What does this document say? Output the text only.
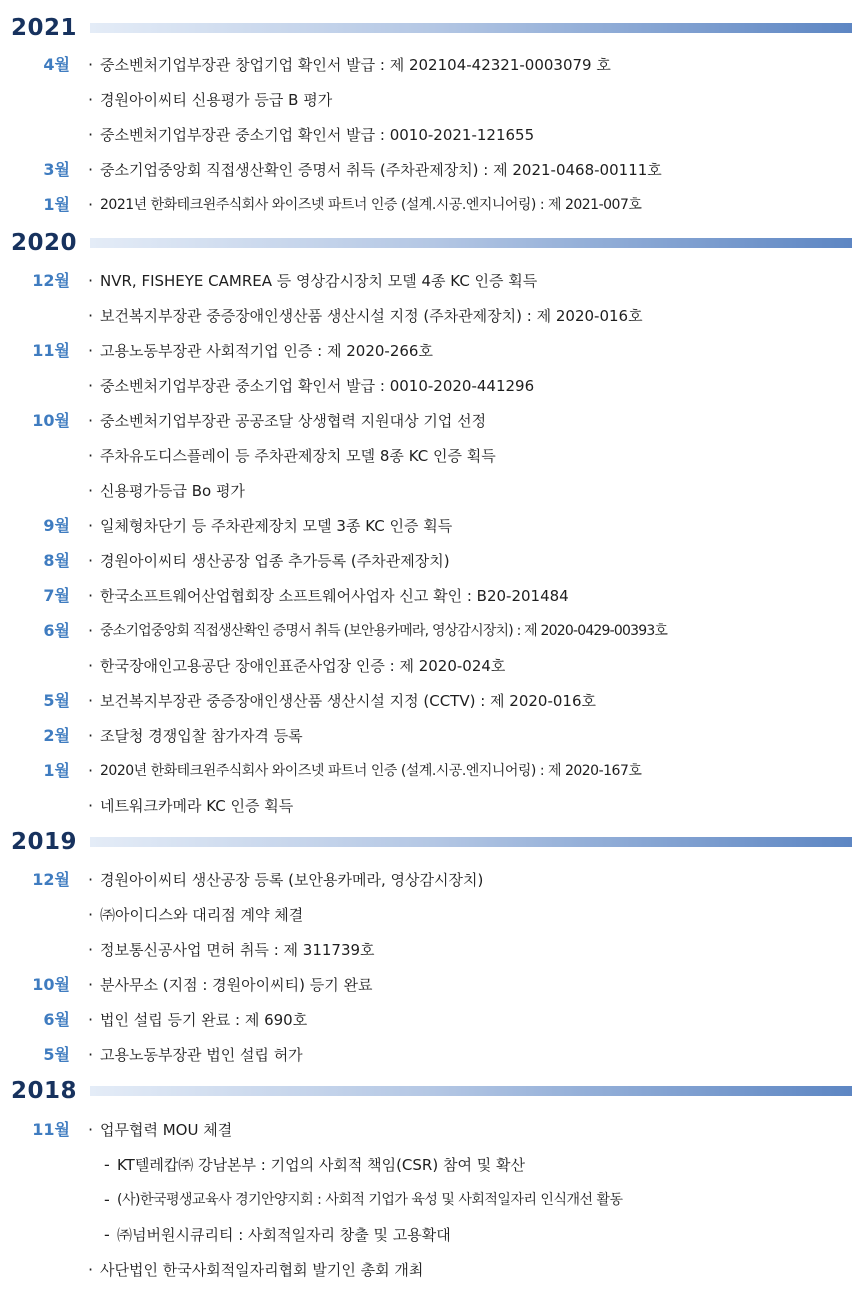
2021
4월 · 중소벤처기업부장관 창업기업 확인서 발급 : 제 202104-42321-0003079 호
· 경원아이씨티 신용평가 등급 B 평가
· 중소벤처기업부장관 중소기업 확인서 발급 : 0010-2021-121655
3월 · 중소기업중앙회 직접생산확인 증명서 취득 (주차관제장치) : 제 2021-0468-00111호
1월 · 2021년 한화테크윈주식회사 와이즈넷 파트너 인증 (설계.시공.엔지니어링) : 제 2021-007호
2020
12월 · NVR, FISHEYE CAMREA 등 영상감시장치 모델 4종 KC 인증 획득
· 보건복지부장관 중증장애인생산품 생산시설 지정 (주차관제장치) : 제 2020-016호
11월 · 고용노동부장관 사회적기업 인증 : 제 2020-266호
· 중소벤처기업부장관 중소기업 확인서 발급 : 0010-2020-441296
10월 · 중소벤처기업부장관 공공조달 상생협력 지원대상 기업 선정
· 주차유도디스플레이 등 주차관제장치 모델 8종 KC 인증 획득
· 신용평가등급 Bo 평가
9월 · 일체형차단기 등 주차관제장치 모델 3종 KC 인증 획득
8월 · 경원아이씨티 생산공장 업종 추가등록 (주차관제장치)
7월 · 한국소프트웨어산업협회장 소프트웨어사업자 신고 확인 : B20-201484
6월 · 중소기업중앙회 직접생산확인 증명서 취득 (보안용카메라, 영상감시장치) : 제 2020-0429-00393호
· 한국장애인고용공단 장애인표준사업장 인증 : 제 2020-024호
5월 · 보건복지부장관 중증장애인생산품 생산시설 지정 (CCTV) : 제 2020-016호
2월 · 조달청 경쟁입찰 참가자격 등록
1월 · 2020년 한화테크윈주식회사 와이즈넷 파트너 인증 (설계.시공.엔지니어링) : 제 2020-167호
· 네트워크카메라 KC 인증 획득
2019
12월 · 경원아이씨티 생산공장 등록 (보안용카메라, 영상감시장치)
· ㈜아이디스와 대리점 계약 체결
· 정보통신공사업 면허 취득 : 제 311739호
10월 · 분사무소 (지점 : 경원아이씨티) 등기 완료
6월 · 법인 설립 등기 완료 : 제 690호
5월 · 고용노동부장관 법인 설립 허가
2018
11월 · 업무협력 MOU 체결
- KT텔레캅㈜ 강남본부 : 기업의 사회적 책임(CSR) 참여 및 확산
- (사)한국평생교육사 경기안양지회 : 사회적 기업가 육성 및 사회적일자리 인식개선 활동
- ㈜넘버원시큐리티 : 사회적일자리 창출 및 고용확대
· 사단법인 한국사회적일자리협회 발기인 총회 개최
